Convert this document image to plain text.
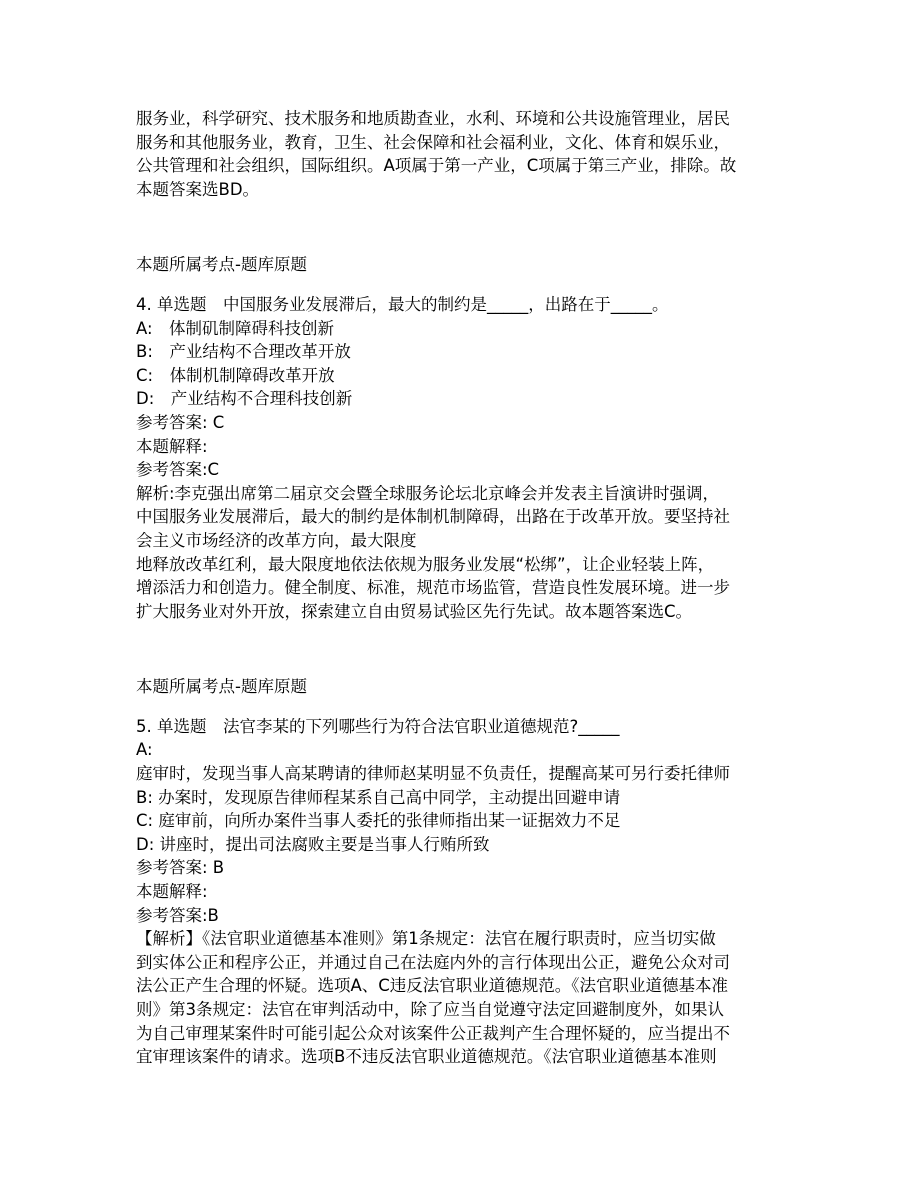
服务业，科学研究、技术服务和地质勘查业，水利、环境和公共设施管理业，居民
服务和其他服务业，教育，卫生、社会保障和社会福利业，文化、体育和娱乐业，
公共管理和社会组织，国际组织。A项属于第一产业，C项属于第三产业，排除。故
本题答案选BD。
本题所属考点-题库原题
4. 单选题　中国服务业发展滞后，最大的制约是_____，出路在于_____。
A:　体制矶制障碍科技创新
B:　产业结构不合理改革开放
C:　体制机制障碍改革开放
D:　产业结构不合理科技创新
参考答案: C
本题解释:
参考答案:C
解析:李克强出席第二届京交会暨全球服务论坛北京峰会并发表主旨演讲时强调，
中国服务业发展滞后，最大的制约是体制机制障碍，出路在于改革开放。要坚持社
会主义市场经济的改革方向，最大限度
地释放改革红利，最大限度地依法依规为服务业发展“松绑”，让企业轻装上阵，
增添活力和创造力。健全制度、标准，规范市场监管，营造良性发展环境。进一步
扩大服务业对外开放，探索建立自由贸易试验区先行先试。故本题答案选C。
本题所属考点-题库原题
5. 单选题　法官李某的下列哪些行为符合法官职业道德规范?_____
A:
庭审时，发现当事人高某聘请的律师赵某明显不负责任，提醒高某可另行委托律师
B: 办案时，发现原告律师程某系自己高中同学，主动提出回避申请
C: 庭审前，向所办案件当事人委托的张律师指出某一证据效力不足
D: 讲座时，提出司法腐败主要是当事人行贿所致
参考答案: B
本题解释:
参考答案:B
【解析】《法官职业道德基本准则》第1条规定：法官在履行职责时，应当切实做
到实体公正和程序公正，并通过自己在法庭内外的言行体现出公正，避免公众对司
法公正产生合理的怀疑。选项A、C违反法官职业道德规范。《法官职业道德基本准
则》第3条规定：法官在审判活动中，除了应当自觉遵守法定回避制度外，如果认
为自己审理某案件时可能引起公众对该案件公正裁判产生合理怀疑的，应当提出不
宜审理该案件的请求。选项B不违反法官职业道德规范。《法官职业道德基本准则
